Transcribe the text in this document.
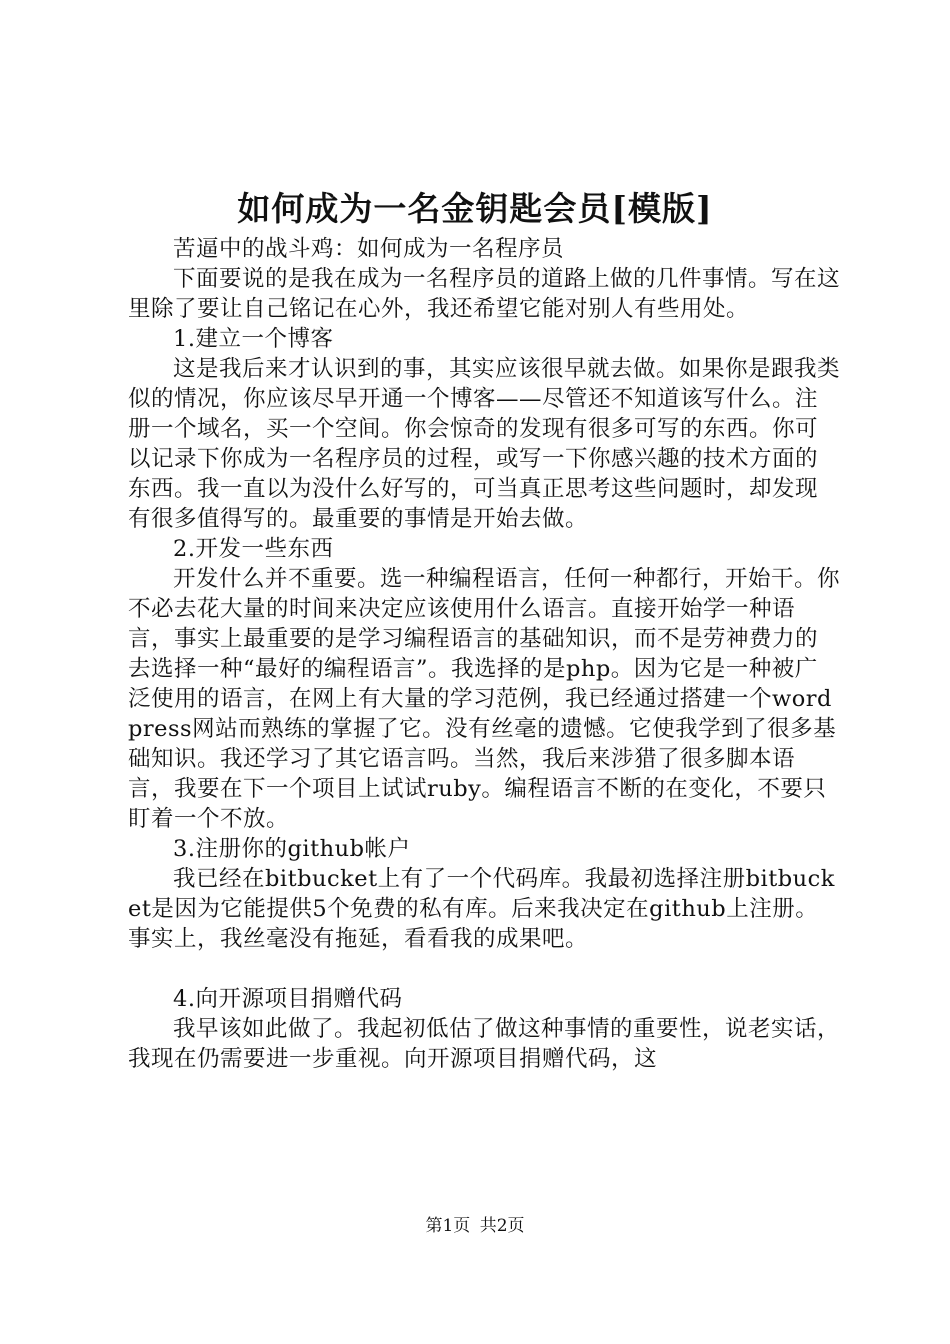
如何成为一名金钥匙会员[模版]

苦逼中的战斗鸡：如何成为一名程序员

下面要说的是我在成为一名程序员的道路上做的几件事情。写在这里除了要让自己铭记在心外，我还希望它能对别人有些用处。

1.建立一个博客

这是我后来才认识到的事，其实应该很早就去做。如果你是跟我类似的情况，你应该尽早开通一个博客——尽管还不知道该写什么。注册一个域名，买一个空间。你会惊奇的发现有很多可写的东西。你可以记录下你成为一名程序员的过程，或写一下你感兴趣的技术方面的东西。我一直以为没什么好写的，可当真正思考这些问题时，却发现有很多值得写的。最重要的事情是开始去做。

2.开发一些东西

开发什么并不重要。选一种编程语言，任何一种都行，开始干。你不必去花大量的时间来决定应该使用什么语言。直接开始学一种语言，事实上最重要的是学习编程语言的基础知识，而不是劳神费力的去选择一种“最好的编程语言”。我选择的是php。因为它是一种被广泛使用的语言，在网上有大量的学习范例，我已经通过搭建一个wordpress网站而熟练的掌握了它。没有丝毫的遗憾。它使我学到了很多基础知识。我还学习了其它语言吗。当然，我后来涉猎了很多脚本语言，我要在下一个项目上试试ruby。编程语言不断的在变化，不要只盯着一个不放。

3.注册你的github帐户

我已经在bitbucket上有了一个代码库。我最初选择注册bitbucket是因为它能提供5个免费的私有库。后来我决定在github上注册。事实上，我丝毫没有拖延，看看我的成果吧。

4.向开源项目捐赠代码

我早该如此做了。我起初低估了做这种事情的重要性，说老实话，我现在仍需要进一步重视。向开源项目捐赠代码，这

第1页 共2页
